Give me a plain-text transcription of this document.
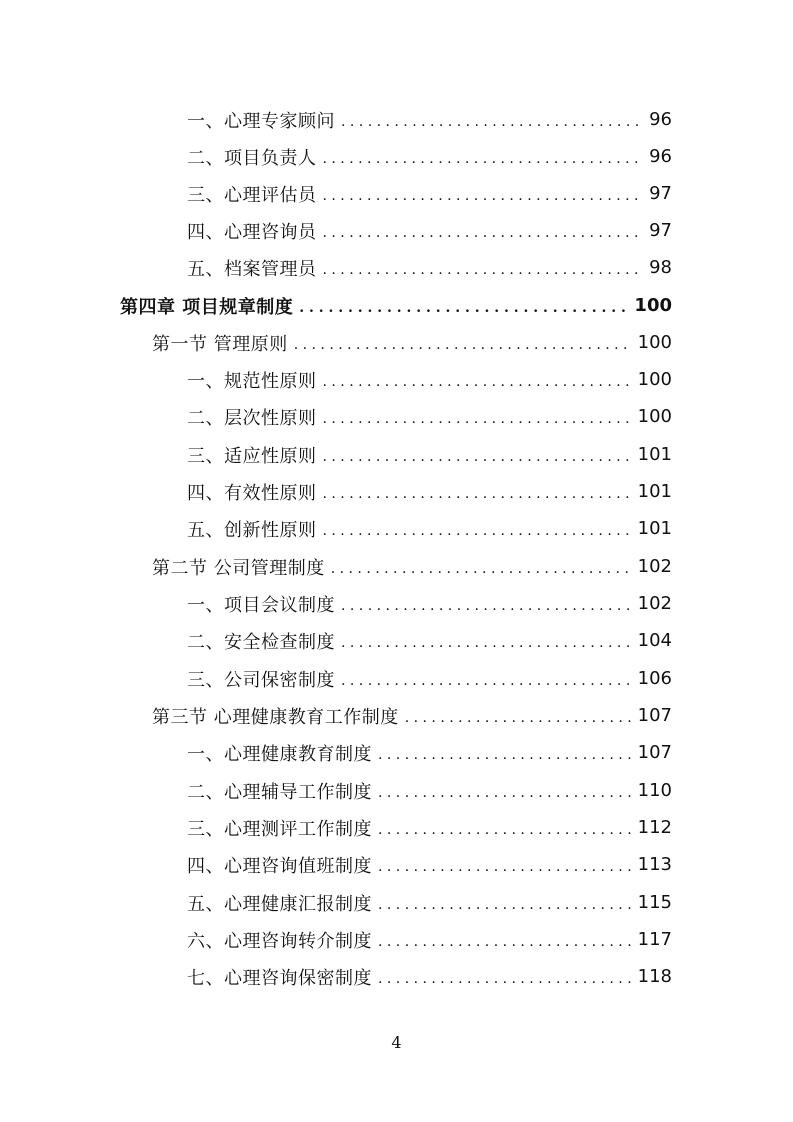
一、心理专家顾问 . . .	96
二、项目负责人 . . .	96
三、心理评估员 . . .	97
四、心理咨询员 . . .	97
五、档案管理员 . . .	98
第四章 项目规章制度 . . .	100
第一节 管理原则 . . .	100
一、规范性原则 . . .	100
二、层次性原则 . . .	100
三、适应性原则 . . .	101
四、有效性原则 . . .	101
五、创新性原则 . . .	101
第二节 公司管理制度 . . .	102
一、项目会议制度 . . .	102
二、安全检查制度 . . .	104
三、公司保密制度 . . .	106
第三节 心理健康教育工作制度 . . .	107
一、心理健康教育制度 . . .	107
二、心理辅导工作制度 . . .	110
三、心理测评工作制度 . . .	112
四、心理咨询值班制度 . . .	113
五、心理健康汇报制度 . . .	115
六、心理咨询转介制度 . . .	117
七、心理咨询保密制度 . . .	118
4
